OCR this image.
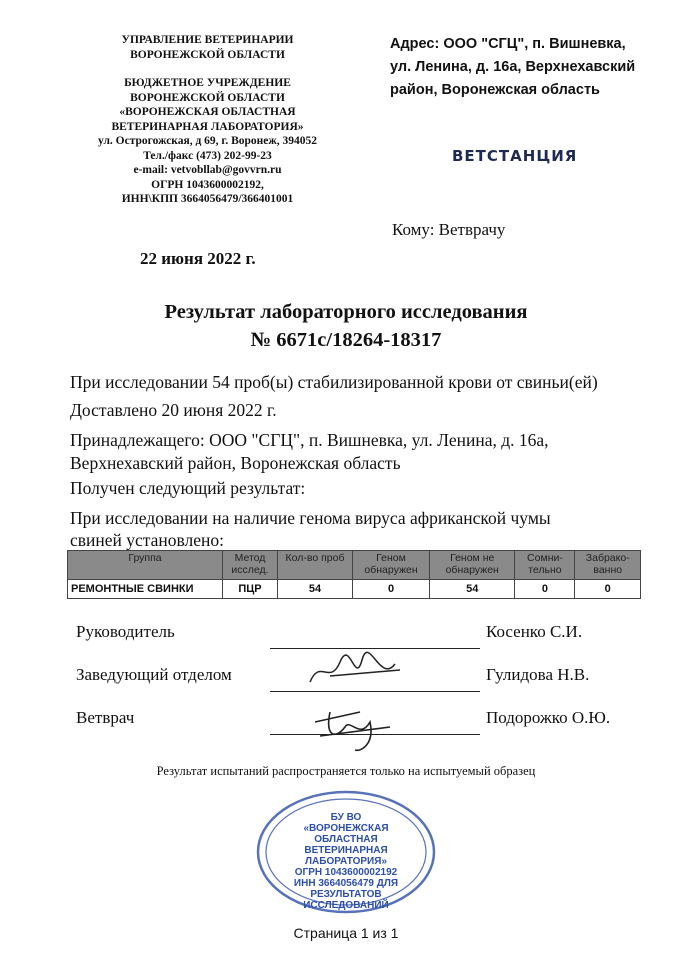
УПРАВЛЕНИЕ ВЕТЕРИНАРИИ
ВОРОНЕЖСКОЙ ОБЛАСТИ
БЮДЖЕТНОЕ УЧРЕЖДЕНИЕ
ВОРОНЕЖСКОЙ ОБЛАСТИ
«ВОРОНЕЖСКАЯ ОБЛАСТНАЯ
ВЕТЕРИНАРНАЯ ЛАБОРАТОРИЯ»
ул. Острогожская, д 69, г. Воронеж, 394052
Тел./факс (473) 202-99-23
e-mail: vetvobllab@govvrn.ru
ОГРН 1043600002192,
ИНН\КПП 3664056479/366401001
Адрес: ООО "СГЦ", п. Вишневка,
ул. Ленина, д. 16а, Верхнехавский
район, Воронежская область
ВЕТСТАНЦИЯ
Кому: Ветврачу
22 июня 2022 г.
Результат лабораторного исследования
№ 6671с/18264-18317
При исследовании 54 проб(ы) стабилизированной крови от свиньи(ей)
Доставлено 20 июня 2022 г.
Принадлежащего: ООО "СГЦ", п. Вишневка, ул. Ленина, д. 16а,
Верхнехавский район, Воронежская область
Получен следующий результат:
При исследовании на наличие генома вируса африканской чумы
свиней установлено:
Группа	Метод исслед.	Кол-во проб	Геном обнаружен	Геном не обнаружен	Сомни-тельно	Забрако-ванно
РЕМОНТНЫЕ СВИНКИ	ПЦР	54	0	54	0	0
Руководитель	Косенко С.И.
Заведующий отделом	Гулидова Н.В.
Ветврач	Подорожко О.Ю.
Результат испытаний распространяется только на испытуемый образец
БУ ВО «ВОРОНЕЖСКАЯ ОБЛАСТНАЯ ВЕТЕРИНАРНАЯ ЛАБОРАТОРИЯ» ОГРН 1043600002192 ИНН 3664056479 ДЛЯ РЕЗУЛЬТАТОВ ИССЛЕДОВАНИЙ
Страница 1 из 1
